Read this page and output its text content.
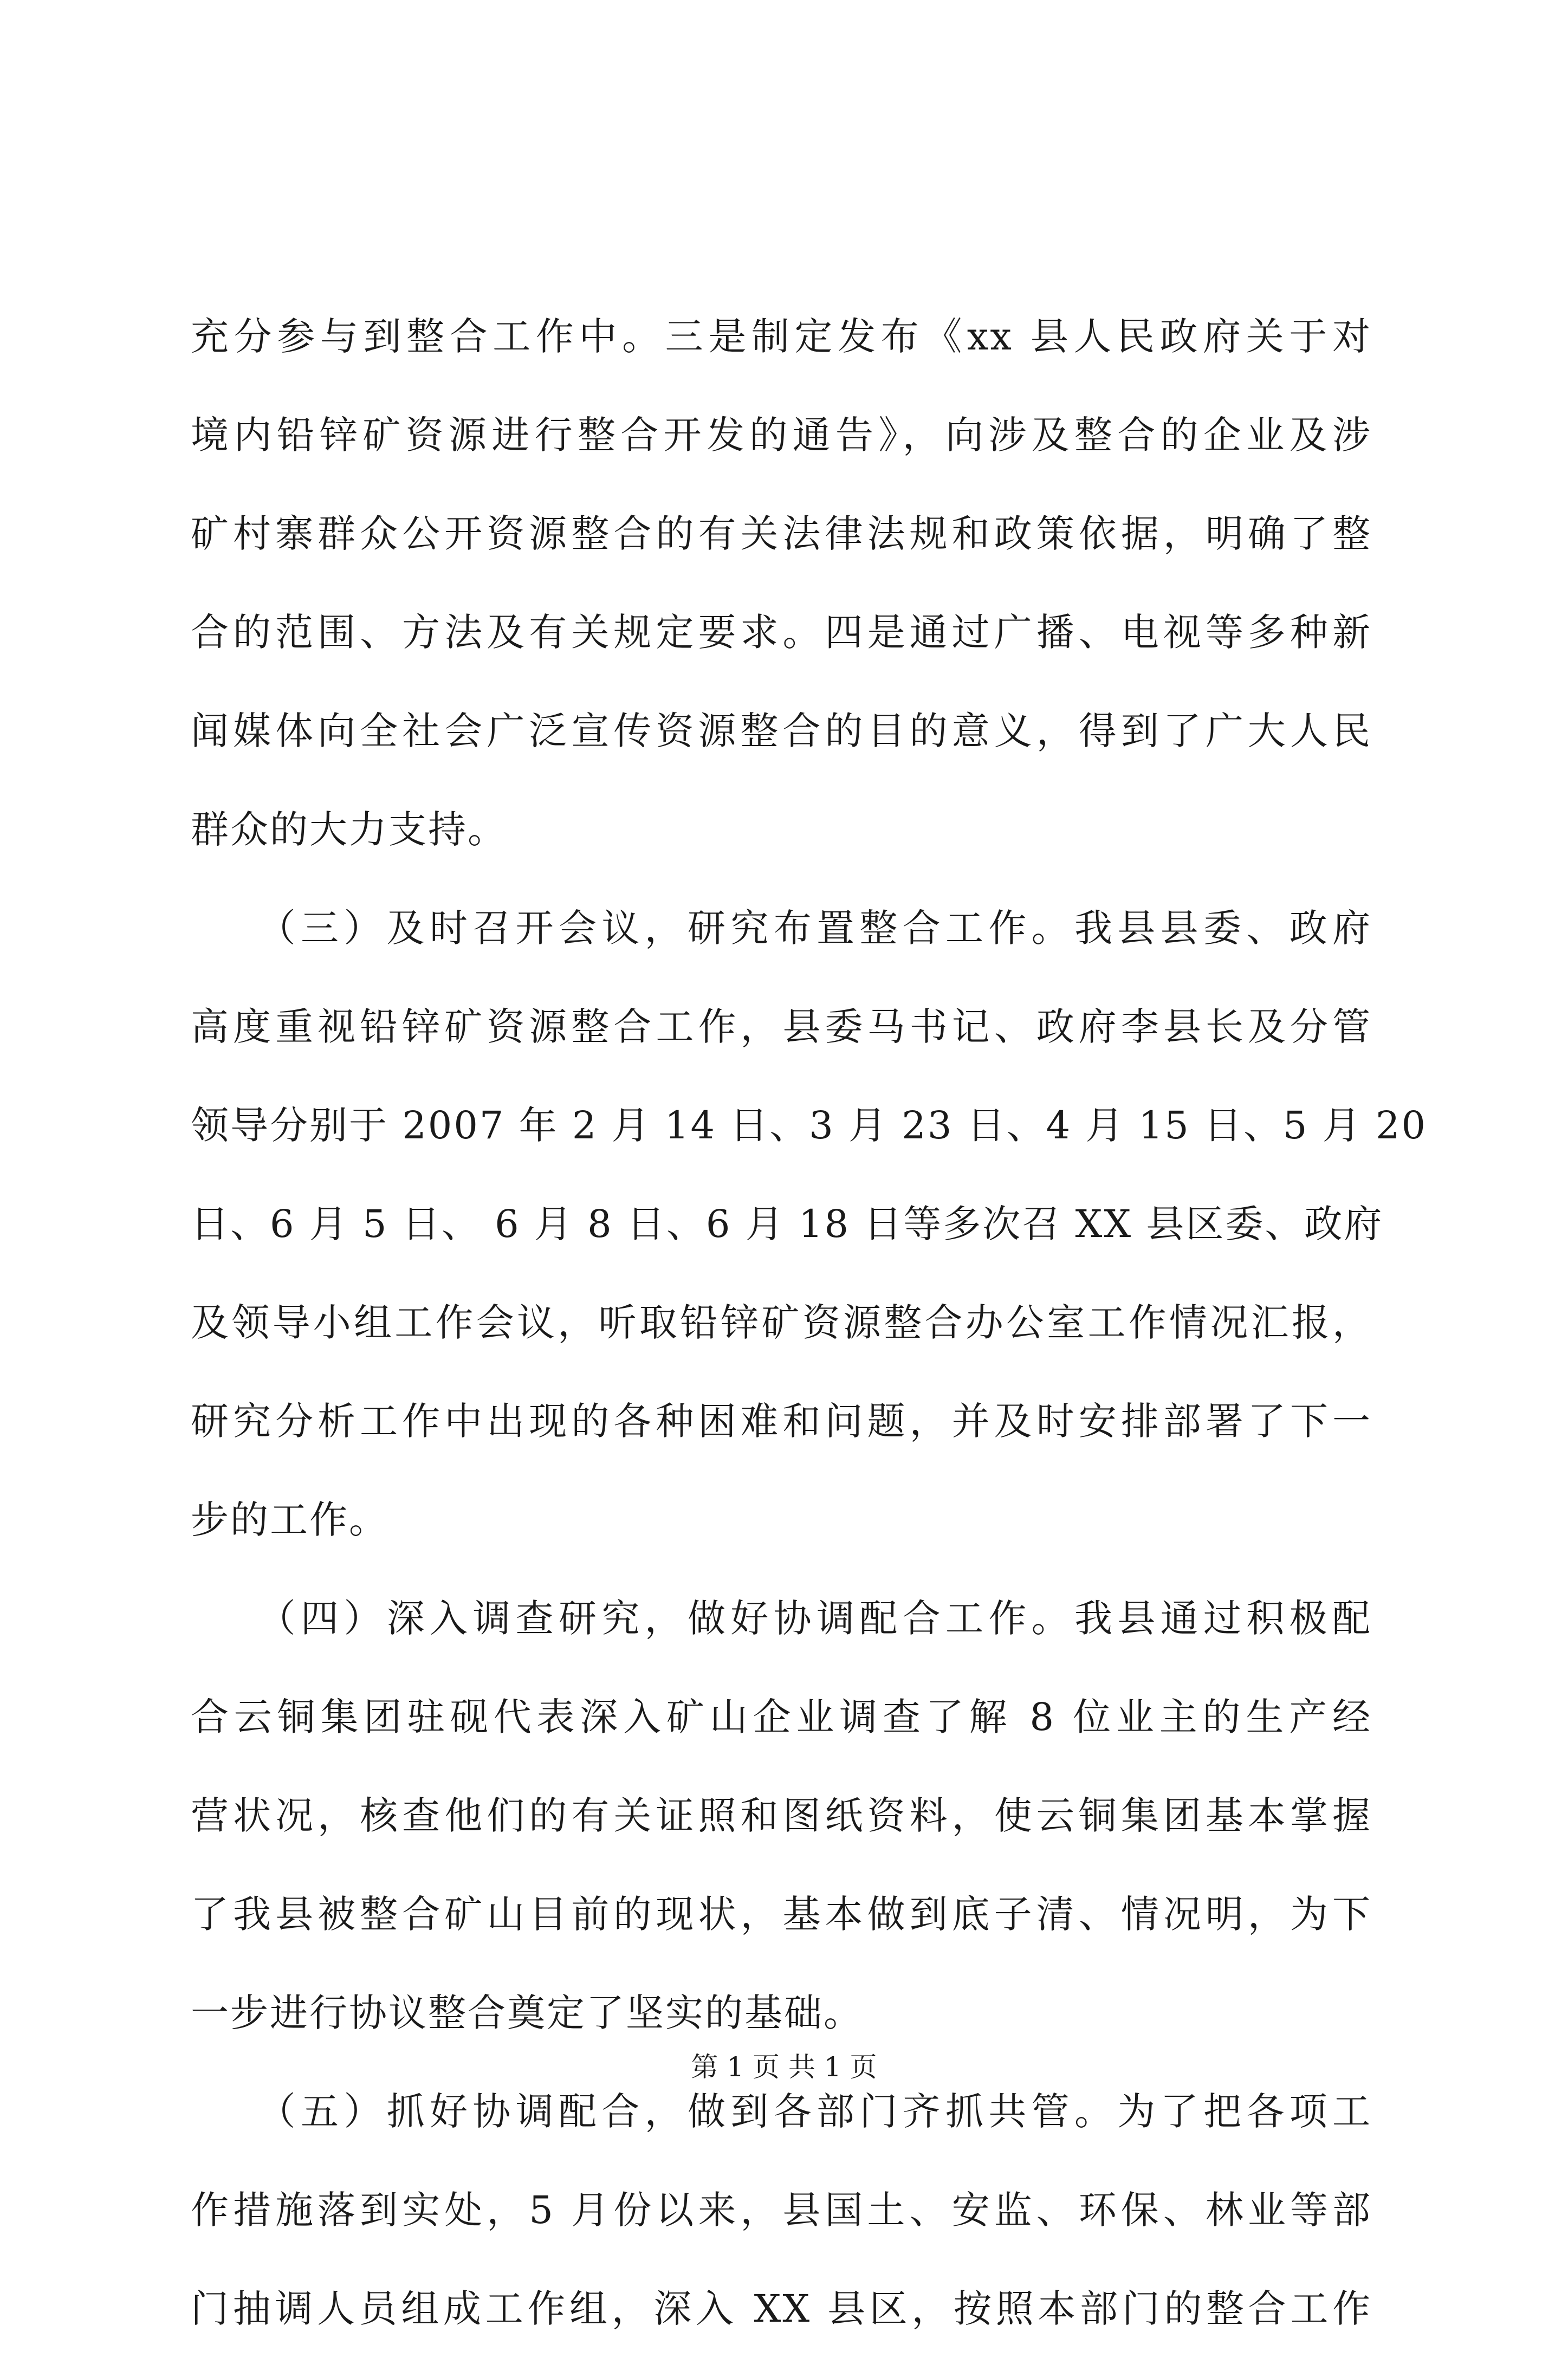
充分参与到整合工作中。三是制定发布《xx 县人民政府关于对
境内铅锌矿资源进行整合开发的通告》，向涉及整合的企业及涉
矿村寨群众公开资源整合的有关法律法规和政策依据，明确了整
合的范围、方法及有关规定要求。四是通过广播、电视等多种新
闻媒体向全社会广泛宣传资源整合的目的意义，得到了广大人民
群众的大力支持。
　　（三）及时召开会议，研究布置整合工作。我县县委、政府
高度重视铅锌矿资源整合工作，县委马书记、政府李县长及分管
领导分别于 2007 年 2 月 14 日、3 月 23 日、4 月 15 日、5 月 20
日、6 月 5 日、 6 月 8 日、6 月 18 日等多次召 XX 县区委、政府
及领导小组工作会议，听取铅锌矿资源整合办公室工作情况汇报，
研究分析工作中出现的各种困难和问题，并及时安排部署了下一
步的工作。
　　（四）深入调查研究，做好协调配合工作。我县通过积极配
合云铜集团驻砚代表深入矿山企业调查了解 8 位业主的生产经
营状况，核查他们的有关证照和图纸资料，使云铜集团基本掌握
了我县被整合矿山目前的现状，基本做到底子清、情况明，为下
一步进行协议整合奠定了坚实的基础。
　　（五）抓好协调配合，做到各部门齐抓共管。为了把各项工
作措施落到实处，5 月份以来，县国土、安监、环保、林业等部
门抽调人员组成工作组，深入 XX 县区，按照本部门的整合工作
第 1 页 共 1 页
